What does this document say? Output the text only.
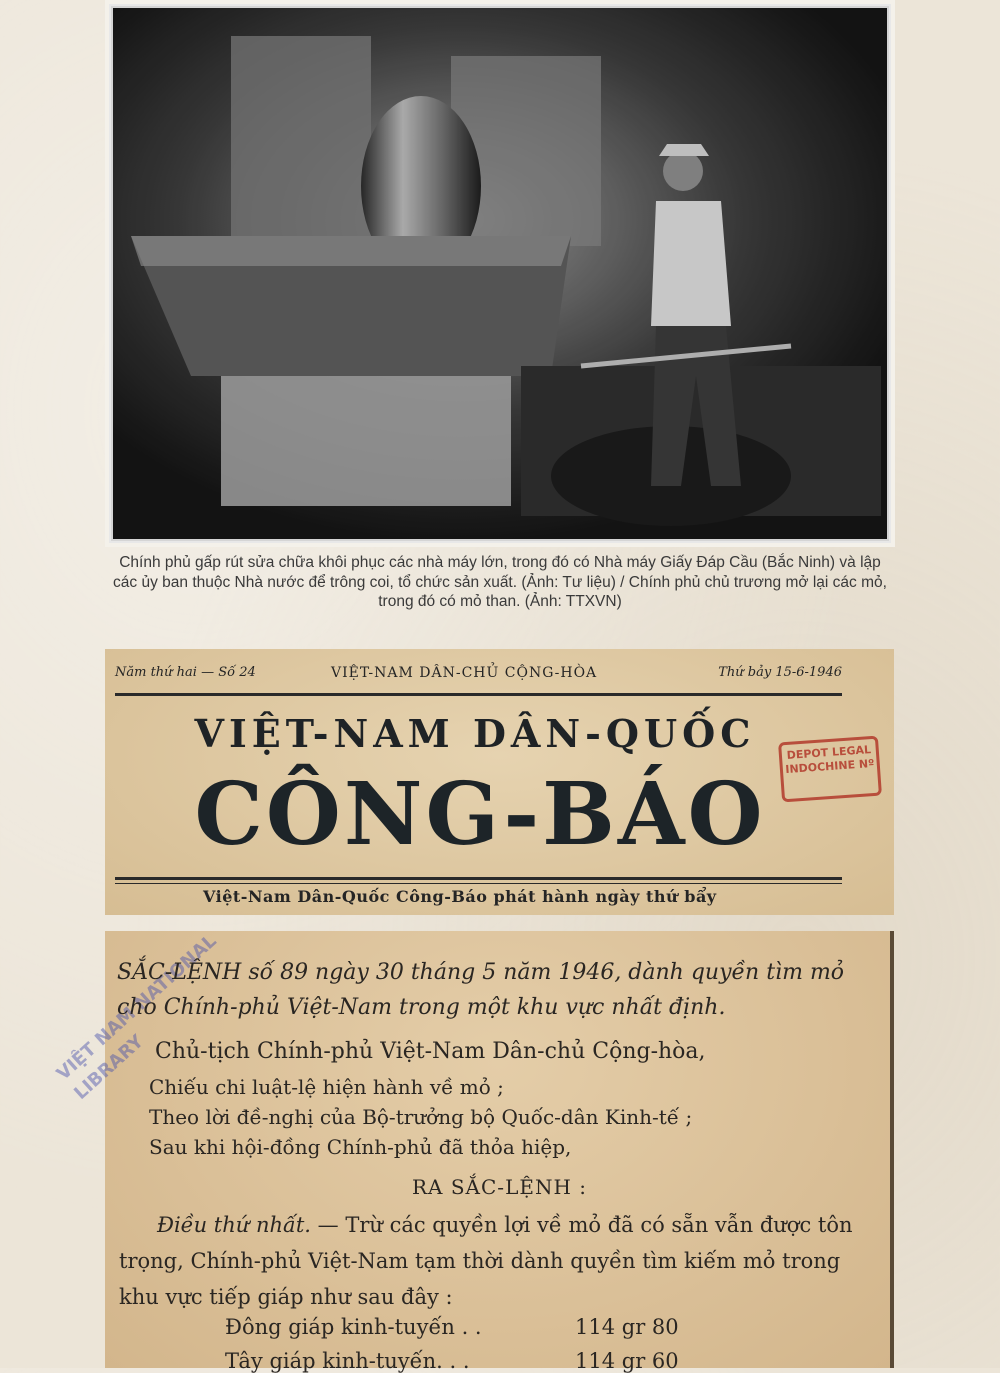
Chính phủ gấp rút sửa chữa khôi phục các nhà máy lớn, trong đó có Nhà máy Giấy Đáp Cầu (Bắc Ninh) và lập các ủy ban thuộc Nhà nước để trông coi, tổ chức sản xuất. (Ảnh: Tư liệu) / Chính phủ chủ trương mở lại các mỏ, trong đó có mỏ than. (Ảnh: TTXVN)
Năm thứ hai — Số 24	VIỆT-NAM DÂN-CHỦ CỘNG-HÒA	Thứ bảy 15-6-1946
VIỆT-NAM DÂN-QUỐC
CÔNG-BÁO
DEPOT LEGAL INDOCHINE Nº
Việt-Nam Dân-Quốc Công-Báo phát hành ngày thứ bẩy
VIỆT NAM NATIONAL LIBRARY
SẮC-LỆNH số 89 ngày 30 tháng 5 năm 1946, dành quyền tìm mỏ cho Chính-phủ Việt-Nam trong một khu vực nhất định.
Chủ-tịch Chính-phủ Việt-Nam Dân-chủ Cộng-hòa,
Chiếu chi luật-lệ hiện hành về mỏ ;
Theo lời đề-nghị của Bộ-trưởng bộ Quốc-dân Kinh-tế ;
Sau khi hội-đồng Chính-phủ đã thỏa hiệp,
RA SẮC-LỆNH :
Điều thứ nhất. — Trừ các quyền lợi về mỏ đã có sẵn vẫn được tôn trọng, Chính-phủ Việt-Nam tạm thời dành quyền tìm kiếm mỏ trong khu vực tiếp giáp như sau đây :
Đông giáp kinh-tuyến . .	114 gr 80
Tây giáp kinh-tuyến. . .	114 gr 60
